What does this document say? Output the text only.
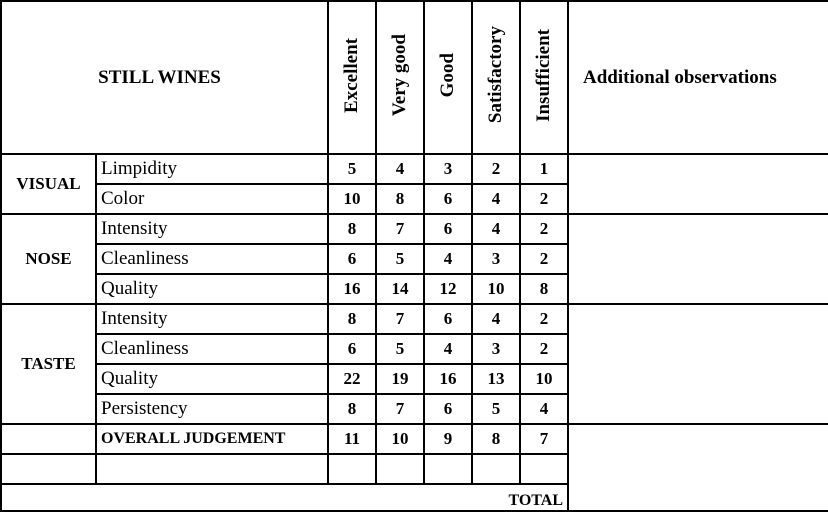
STILL WINES		Excellent	Very good	Good	Satisfactory	Insufficient	Additional observations
VISUAL	Limpidity	5	4	3	2	1	
	Color	10	8	6	4	2	
NOSE	Intensity	8	7	6	4	2	
	Cleanliness	6	5	4	3	2	
	Quality	16	14	12	10	8	
TASTE	Intensity	8	7	6	4	2	
	Cleanliness	6	5	4	3	2	
	Quality	22	19	16	13	10	
	Persistency	8	7	6	5	4	
	OVERALL JUDGEMENT	11	10	9	8	7	

TOTAL							
